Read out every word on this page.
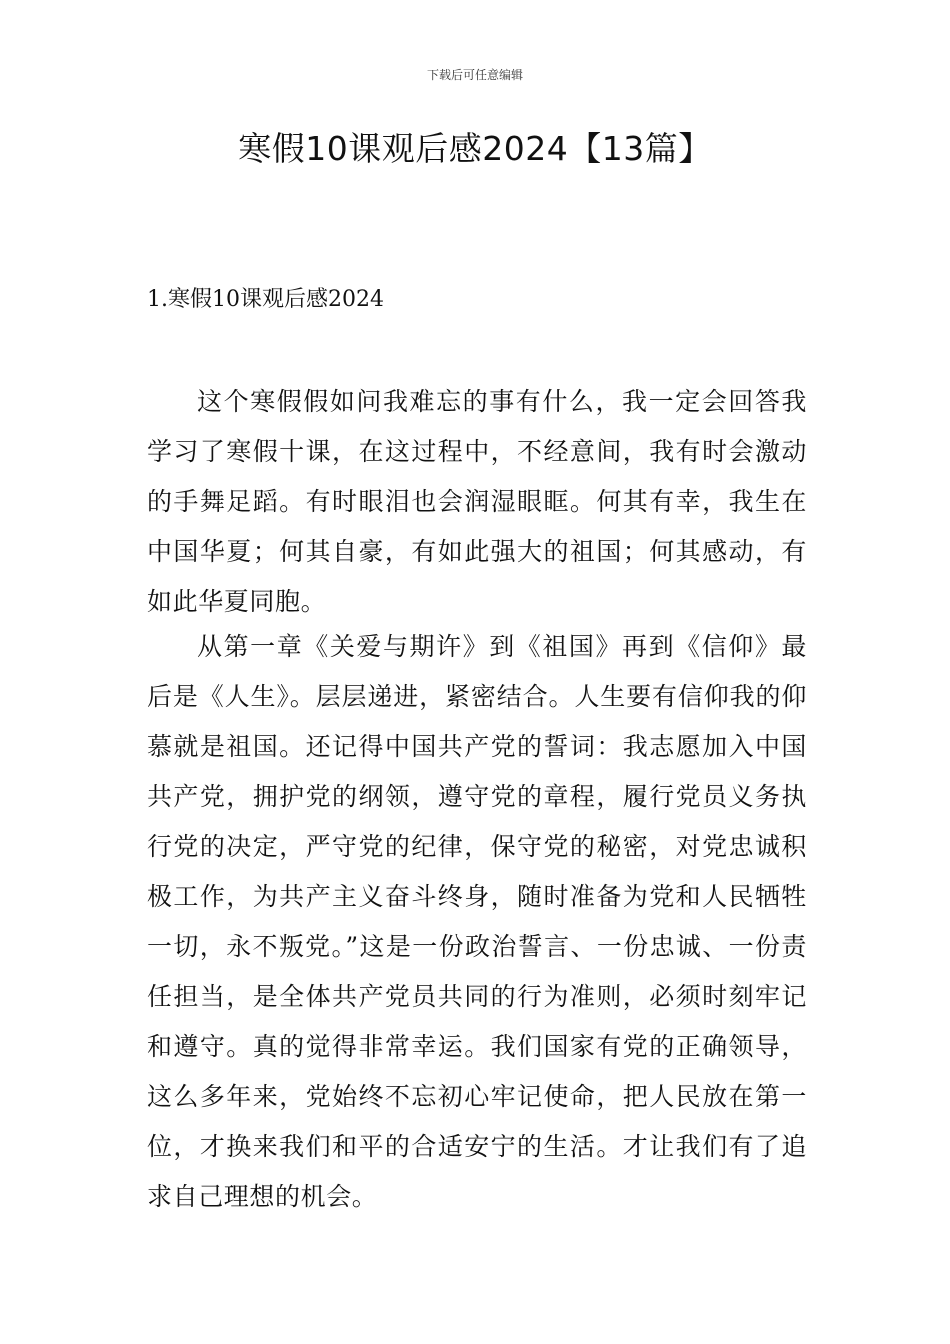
下载后可任意编辑
寒假10课观后感2024【13篇】
1.寒假10课观后感2024

这个寒假假如问我难忘的事有什么，我一定会回答我学习了寒假十课，在这过程中，不经意间，我有时会激动的手舞足蹈。有时眼泪也会润湿眼眶。何其有幸，我生在中国华夏；何其自豪，有如此强大的祖国；何其感动，有如此华夏同胞。

从第一章《关爱与期许》到《祖国》再到《信仰》最后是《人生》。层层递进，紧密结合。人生要有信仰我的仰慕就是祖国。还记得中国共产党的誓词：我志愿加入中国共产党，拥护党的纲领，遵守党的章程，履行党员义务执行党的决定，严守党的纪律，保守党的秘密，对党忠诚积极工作，为共产主义奋斗终身，随时准备为党和人民牺牲一切，永不叛党。”这是一份政治誓言、一份忠诚、一份责任担当，是全体共产党员共同的行为准则，必须时刻牢记和遵守。真的觉得非常幸运。我们国家有党的正确领导，这么多年来，党始终不忘初心牢记使命，把人民放在第一位，才换来我们和平的合适安宁的生活。才让我们有了追求自己理想的机会。
